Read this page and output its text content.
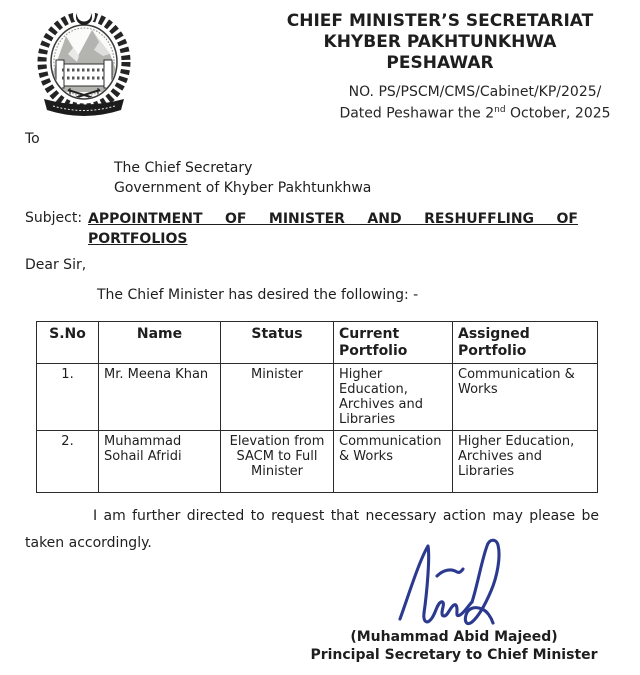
CHIEF MINISTER’S SECRETARIAT
KHYBER PAKHTUNKHWA
PESHAWAR
NO. PS/PSCM/CMS/Cabinet/KP/2025/
Dated Peshawar the 2nd October, 2025
To
The Chief Secretary
Government of Khyber Pakhtunkhwa
Subject: APPOINTMENT OF MINISTER AND RESHUFFLING OF
PORTFOLIOS
Dear Sir,
The Chief Minister has desired the following: -
S.No	Name	Status	Current Portfolio	Assigned Portfolio
1.	Mr. Meena Khan	Minister	Higher Education, Archives and Libraries	Communication & Works
2.	Muhammad Sohail Afridi	Elevation from SACM to Full Minister	Communication & Works	Higher Education, Archives and Libraries
I am further directed to request that necessary action may please be taken accordingly.
(Muhammad Abid Majeed)
Principal Secretary to Chief Minister
